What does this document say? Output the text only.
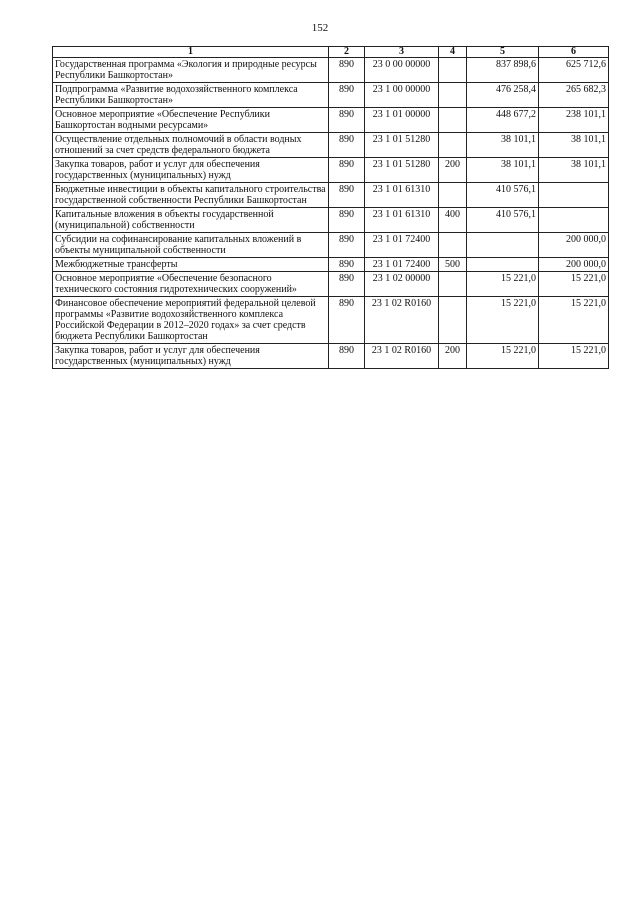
152
1	2	3	4	5	6
Государственная программа «Экология и природные ресурсы Республики Башкортостан»	890	23 0 00 00000		837 898,6	625 712,6
Подпрограмма «Развитие водохозяйственного комплекса Республики Башкортостан»	890	23 1 00 00000		476 258,4	265 682,3
Основное мероприятие «Обеспечение Республики Башкортостан водными ресурсами»	890	23 1 01 00000		448 677,2	238 101,1
Осуществление отдельных полномочий в области водных отношений за счет средств федерального бюджета	890	23 1 01 51280		38 101,1	38 101,1
Закупка товаров, работ и услуг для обеспечения государственных (муниципальных) нужд	890	23 1 01 51280	200	38 101,1	38 101,1
Бюджетные инвестиции в объекты капитального строительства государственной собственности Республики Башкортостан	890	23 1 01 61310		410 576,1	
Капитальные вложения в объекты государственной (муниципальной) собственности	890	23 1 01 61310	400	410 576,1	
Субсидии на софинансирование капитальных вложений в объекты муниципальной собственности	890	23 1 01 72400			200 000,0
Межбюджетные трансферты	890	23 1 01 72400	500		200 000,0
Основное мероприятие «Обеспечение безопасного технического состояния гидротехнических сооружений»	890	23 1 02 00000		15 221,0	15 221,0
Финансовое обеспечение мероприятий федеральной целевой программы «Развитие водохозяйственного комплекса Российской Федерации в 2012–2020 годах» за счет средств бюджета Республики Башкортостан	890	23 1 02 R0160		15 221,0	15 221,0
Закупка товаров, работ и услуг для обеспечения государственных (муниципальных) нужд	890	23 1 02 R0160	200	15 221,0	15 221,0
